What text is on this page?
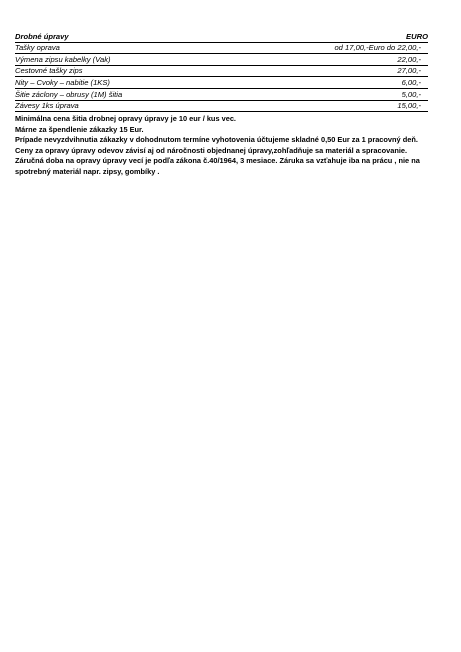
Drobné úpravy	EURO
Tašky oprava	od 17,00,-Euro do 22,00,-
Výmena zipsu kabelky (Vak)	22,00,-
Cestovné tašky zips	27,00,-
Nity – Cvoky – nabitie (1KS)	6,00,-
Šitie záclony – obrusy (1M) šitia	5,00,-
Závesy 1ks úprava	15,00,-

Minimálna cena šitia drobnej opravy úpravy je 10 eur / kus vec.

Márne za špendlenie zákazky 15 Eur.

Prípade nevyzdvihnutia zákazky v dohodnutom termíne vyhotovenia účtujeme skladné 0,50 Eur za 1 pracovný deň.

Ceny za opravy úpravy odevov závisí aj od náročnosti objednanej úpravy,zohľadňuje sa materiál a spracovanie.

Záručná doba na opravy úpravy vecí je podľa zákona č.40/1964, 3 mesiace. Záruka sa vzťahuje iba na prácu , nie na

spotrebný materiál napr. zipsy, gombíky .
